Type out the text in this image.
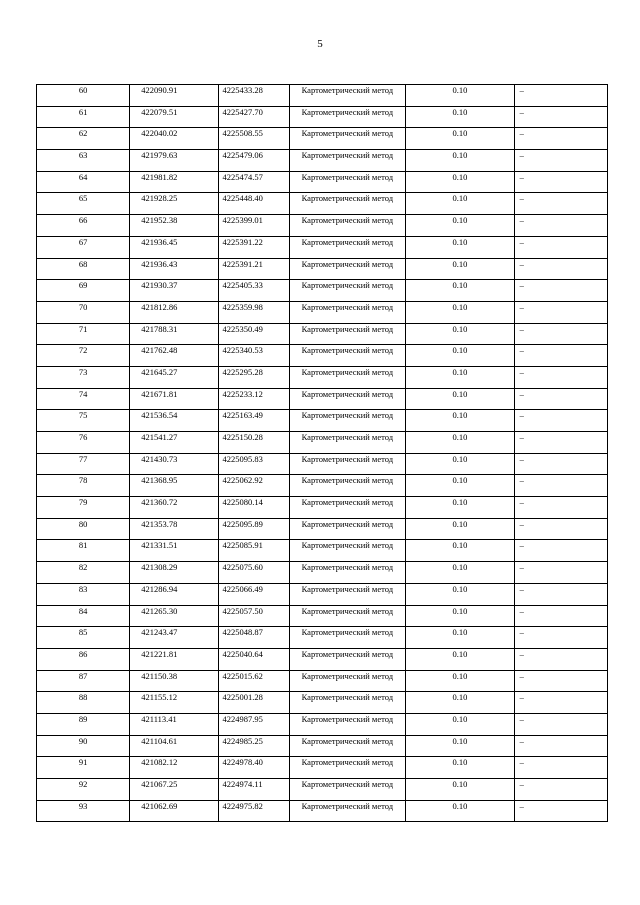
5
60	422090.91	4225433.28	Картометрический метод	0.10	–
61	422079.51	4225427.70	Картометрический метод	0.10	–
62	422040.02	4225508.55	Картометрический метод	0.10	–
63	421979.63	4225479.06	Картометрический метод	0.10	–
64	421981.82	4225474.57	Картометрический метод	0.10	–
65	421928.25	4225448.40	Картометрический метод	0.10	–
66	421952.38	4225399.01	Картометрический метод	0.10	–
67	421936.45	4225391.22	Картометрический метод	0.10	–
68	421936.43	4225391.21	Картометрический метод	0.10	–
69	421930.37	4225405.33	Картометрический метод	0.10	–
70	421812.86	4225359.98	Картометрический метод	0.10	–
71	421788.31	4225350.49	Картометрический метод	0.10	–
72	421762.48	4225340.53	Картометрический метод	0.10	–
73	421645.27	4225295.28	Картометрический метод	0.10	–
74	421671.81	4225233.12	Картометрический метод	0.10	–
75	421536.54	4225163.49	Картометрический метод	0.10	–
76	421541.27	4225150.28	Картометрический метод	0.10	–
77	421430.73	4225095.83	Картометрический метод	0.10	–
78	421368.95	4225062.92	Картометрический метод	0.10	–
79	421360.72	4225080.14	Картометрический метод	0.10	–
80	421353.78	4225095.89	Картометрический метод	0.10	–
81	421331.51	4225085.91	Картометрический метод	0.10	–
82	421308.29	4225075.60	Картометрический метод	0.10	–
83	421286.94	4225066.49	Картометрический метод	0.10	–
84	421265.30	4225057.50	Картометрический метод	0.10	–
85	421243.47	4225048.87	Картометрический метод	0.10	–
86	421221.81	4225040.64	Картометрический метод	0.10	–
87	421150.38	4225015.62	Картометрический метод	0.10	–
88	421155.12	4225001.28	Картометрический метод	0.10	–
89	421113.41	4224987.95	Картометрический метод	0.10	–
90	421104.61	4224985.25	Картометрический метод	0.10	–
91	421082.12	4224978.40	Картометрический метод	0.10	–
92	421067.25	4224974.11	Картометрический метод	0.10	–
93	421062.69	4224975.82	Картометрический метод	0.10	–
